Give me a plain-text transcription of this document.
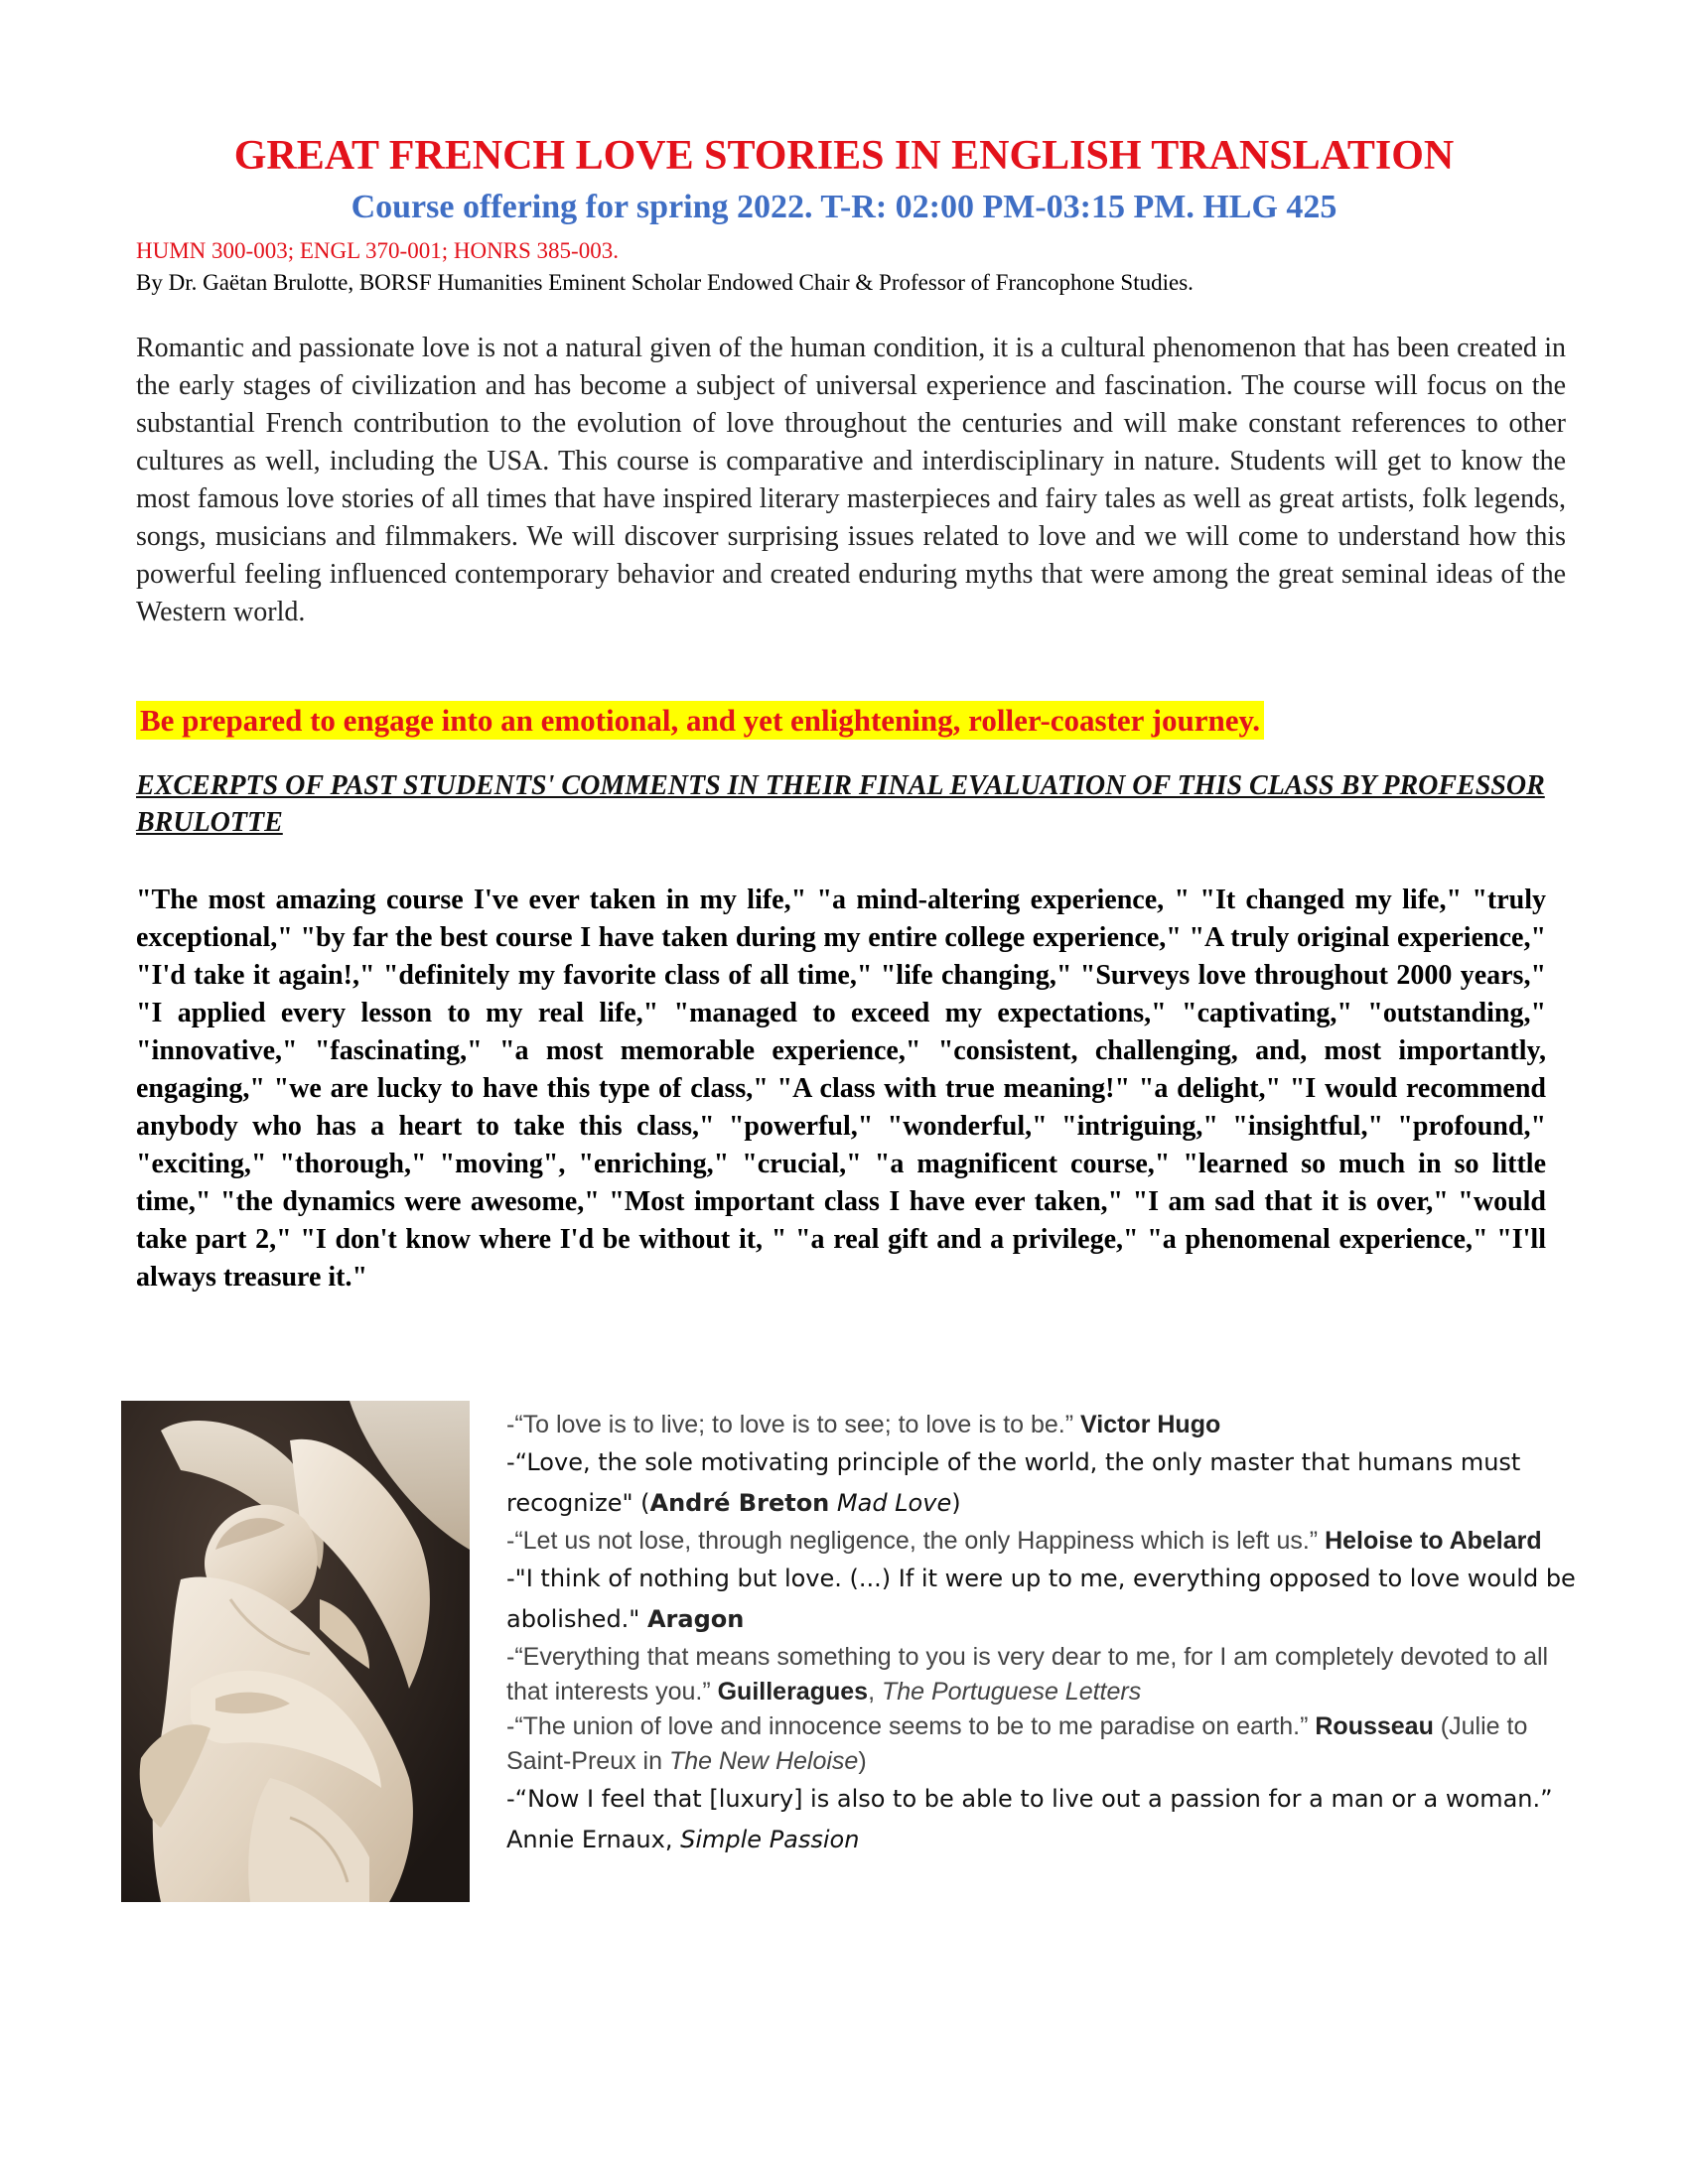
GREAT FRENCH LOVE STORIES IN ENGLISH TRANSLATION
Course offering for spring 2022. T-R: 02:00 PM-03:15 PM. HLG 425
HUMN 300-003; ENGL 370-001; HONRS 385-003.
By Dr. Gaëtan Brulotte, BORSF Humanities Eminent Scholar Endowed Chair & Professor of Francophone Studies.

Romantic and passionate love is not a natural given of the human condition, it is a cultural phenomenon that has been created in the early stages of civilization and has become a subject of universal experience and fascination. The course will focus on the substantial French contribution to the evolution of love throughout the centuries and will make constant references to other cultures as well, including the USA. This course is comparative and interdisciplinary in nature. Students will get to know the most famous love stories of all times that have inspired literary masterpieces and fairy tales as well as great artists, folk legends, songs, musicians and filmmakers. We will discover surprising issues related to love and we will come to understand how this powerful feeling influenced contemporary behavior and created enduring myths that were among the great seminal ideas of the Western world.

Be prepared to engage into an emotional, and yet enlightening, roller-coaster journey.

EXCERPTS OF PAST STUDENTS' COMMENTS IN THEIR FINAL EVALUATION OF THIS CLASS BY PROFESSOR BRULOTTE

"The most amazing course I've ever taken in my life," "a mind-altering experience, " "It changed my life," "truly exceptional," "by far the best course I have taken during my entire college experience," "A truly original experience," "I'd take it again!," "definitely my favorite class of all time," "life changing," "Surveys love throughout 2000 years," "I applied every lesson to my real life," "managed to exceed my expectations," "captivating," "outstanding," "innovative," "fascinating," "a most memorable experience," "consistent, challenging, and, most importantly, engaging," "we are lucky to have this type of class," "A class with true meaning!" "a delight," "I would recommend anybody who has a heart to take this class," "powerful," "wonderful," "intriguing," "insightful," "profound," "exciting," "thorough," "moving", "enriching," "crucial," "a magnificent course," "learned so much in so little time," "the dynamics were awesome," "Most important class I have ever taken," "I am sad that it is over," "would take part 2," "I don't know where I'd be without it, " "a real gift and a privilege," "a phenomenal experience," "I'll always treasure it."

-“To love is to live; to love is to see; to love is to be.” Victor Hugo

-“Love, the sole motivating principle of the world, the only master that humans must recognize" (André Breton Mad Love)

-“Let us not lose, through negligence, the only Happiness which is left us.” Heloise to Abelard

-"I think of nothing but love. (...) If it were up to me, everything opposed to love would be abolished." Aragon

-“Everything that means something to you is very dear to me, for I am completely devoted to all that interests you.” Guilleragues, The Portuguese Letters

-“The union of love and innocence seems to be to me paradise on earth.” Rousseau (Julie to Saint-Preux in The New Heloise)

-“Now I feel that [luxury] is also to be able to live out a passion for a man or a woman.” Annie Ernaux, Simple Passion
